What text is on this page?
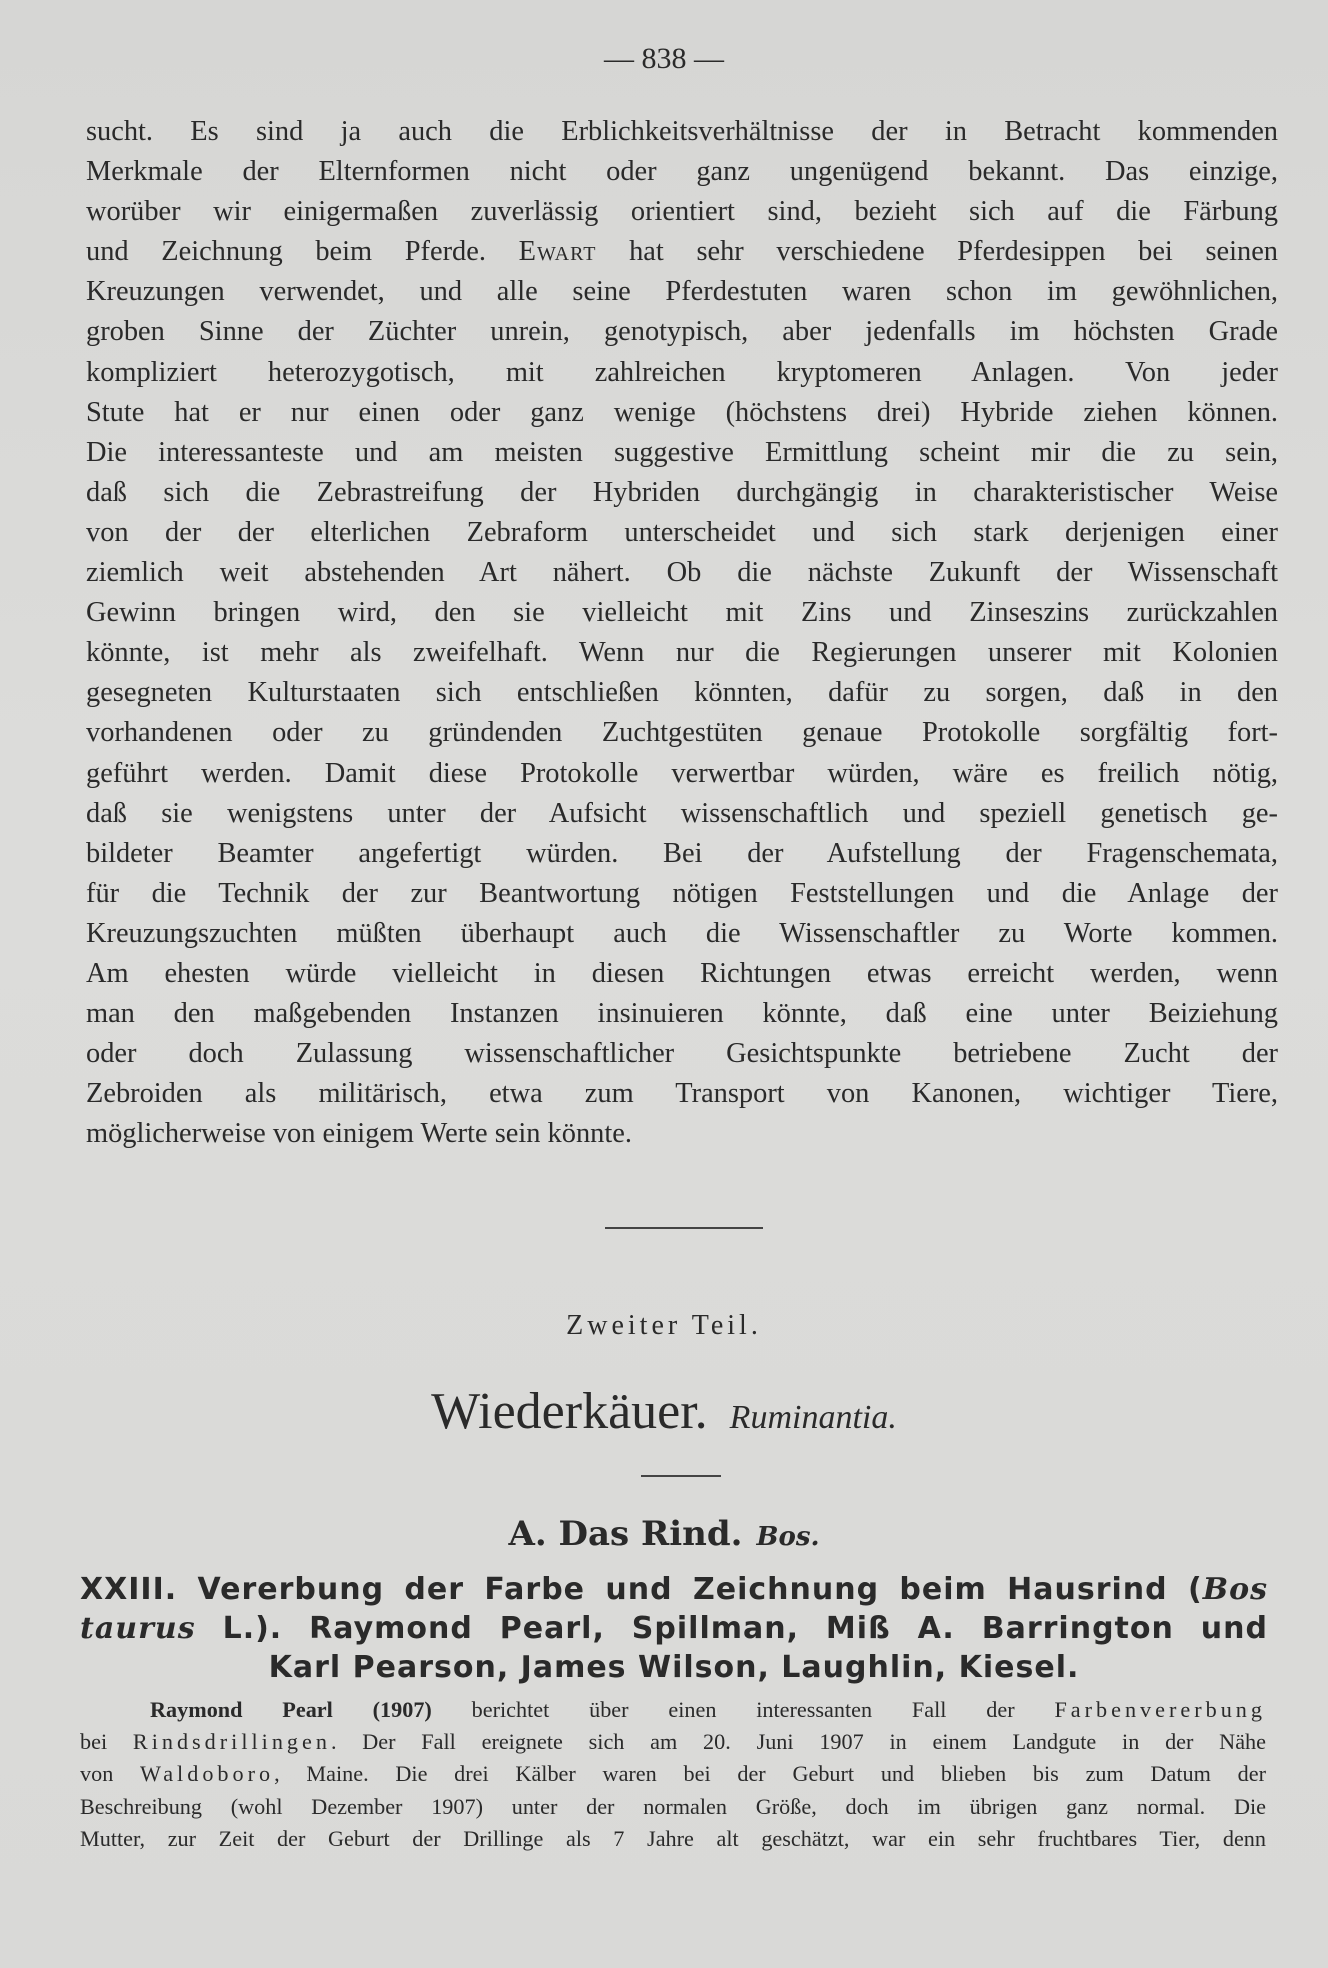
— 838 —
sucht. Es sind ja auch die Erblichkeitsverhältnisse der in Betracht kommenden
Merkmale der Elternformen nicht oder ganz ungenügend bekannt. Das einzige,
worüber wir einigermaßen zuverlässig orientiert sind, bezieht sich auf die Färbung
und Zeichnung beim Pferde. Ewart hat sehr verschiedene Pferdesippen bei seinen
Kreuzungen verwendet, und alle seine Pferdestuten waren schon im gewöhnlichen,
groben Sinne der Züchter unrein, genotypisch, aber jedenfalls im höchsten Grade
kompliziert heterozygotisch, mit zahlreichen kryptomeren Anlagen. Von jeder
Stute hat er nur einen oder ganz wenige (höchstens drei) Hybride ziehen können.
Die interessanteste und am meisten suggestive Ermittlung scheint mir die zu sein,
daß sich die Zebrastreifung der Hybriden durchgängig in charakteristischer Weise
von der der elterlichen Zebraform unterscheidet und sich stark derjenigen einer
ziemlich weit abstehenden Art nähert. Ob die nächste Zukunft der Wissenschaft
Gewinn bringen wird, den sie vielleicht mit Zins und Zinseszins zurückzahlen
könnte, ist mehr als zweifelhaft. Wenn nur die Regierungen unserer mit Kolonien
gesegneten Kulturstaaten sich entschließen könnten, dafür zu sorgen, daß in den
vorhandenen oder zu gründenden Zuchtgestüten genaue Protokolle sorgfältig fort-
geführt werden. Damit diese Protokolle verwertbar würden, wäre es freilich nötig,
daß sie wenigstens unter der Aufsicht wissenschaftlich und speziell genetisch ge-
bildeter Beamter angefertigt würden. Bei der Aufstellung der Fragenschemata,
für die Technik der zur Beantwortung nötigen Feststellungen und die Anlage der
Kreuzungszuchten müßten überhaupt auch die Wissenschaftler zu Worte kommen.
Am ehesten würde vielleicht in diesen Richtungen etwas erreicht werden, wenn
man den maßgebenden Instanzen insinuieren könnte, daß eine unter Beiziehung
oder doch Zulassung wissenschaftlicher Gesichtspunkte betriebene Zucht der
Zebroiden als militärisch, etwa zum Transport von Kanonen, wichtiger Tiere,
möglicherweise von einigem Werte sein könnte.
Zweiter Teil.
Wiederkäuer. Ruminantia.
A. Das Rind. Bos.
XXIII. Vererbung der Farbe und Zeichnung beim Hausrind (Bos
taurus L.). Raymond Pearl, Spillman, Miß A. Barrington und
Karl Pearson, James Wilson, Laughlin, Kiesel.
Raymond Pearl (1907) berichtet über einen interessanten Fall der Farbenvererbung
bei Rindsdrillingen. Der Fall ereignete sich am 20. Juni 1907 in einem Landgute in der Nähe
von Waldoboro, Maine. Die drei Kälber waren bei der Geburt und blieben bis zum Datum der
Beschreibung (wohl Dezember 1907) unter der normalen Größe, doch im übrigen ganz normal. Die
Mutter, zur Zeit der Geburt der Drillinge als 7 Jahre alt geschätzt, war ein sehr fruchtbares Tier, denn
